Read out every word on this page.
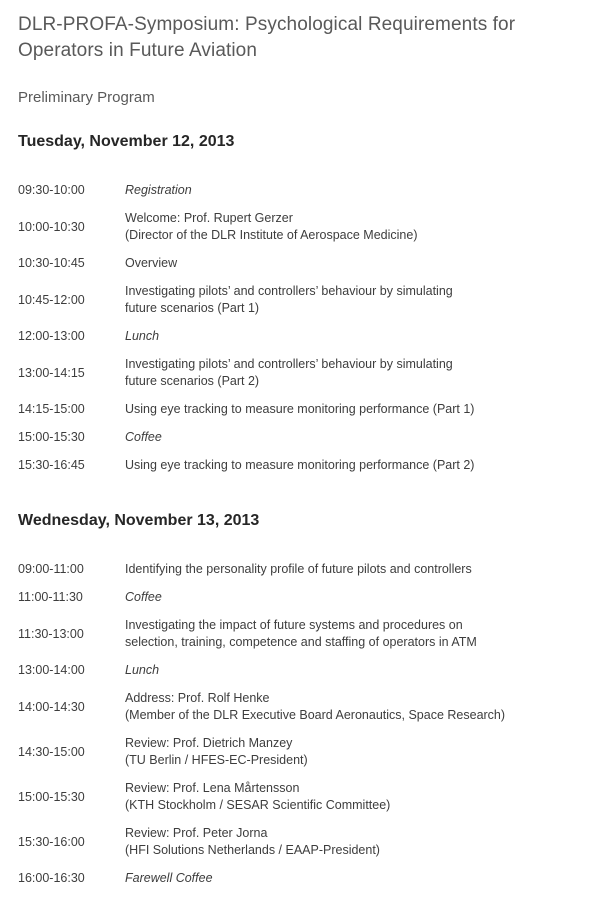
DLR-PROFA-Symposium: Psychological Requirements for Operators in Future Aviation
Preliminary Program
Tuesday, November 12, 2013
09:30-10:00	Registration
10:00-10:30
Welcome: Prof. Rupert Gerzer
(Director of the DLR Institute of Aerospace Medicine)
10:30-10:45	Overview
10:45-12:00
Investigating pilots’ and controllers’ behaviour by simulating
future scenarios (Part 1)
12:00-13:00	Lunch
13:00-14:15
Investigating pilots’ and controllers’ behaviour by simulating
future scenarios (Part 2)
14:15-15:00	Using eye tracking to measure monitoring performance (Part 1)
15:00-15:30	Coffee
15:30-16:45	Using eye tracking to measure monitoring performance (Part 2)
Wednesday, November 13, 2013
09:00-11:00	Identifying the personality profile of future pilots and controllers
11:00-11:30	Coffee
11:30-13:00
Investigating the impact of future systems and procedures on
selection, training, competence and staffing of operators in ATM
13:00-14:00	Lunch
14:00-14:30
Address: Prof. Rolf Henke
(Member of the DLR Executive Board Aeronautics, Space Research)
14:30-15:00
Review: Prof. Dietrich Manzey
(TU Berlin / HFES-EC-President)
15:00-15:30
Review: Prof. Lena Mårtensson
(KTH Stockholm / SESAR Scientific Committee)
15:30-16:00
Review: Prof. Peter Jorna
(HFI Solutions Netherlands / EAAP-President)
16:00-16:30	Farewell Coffee
